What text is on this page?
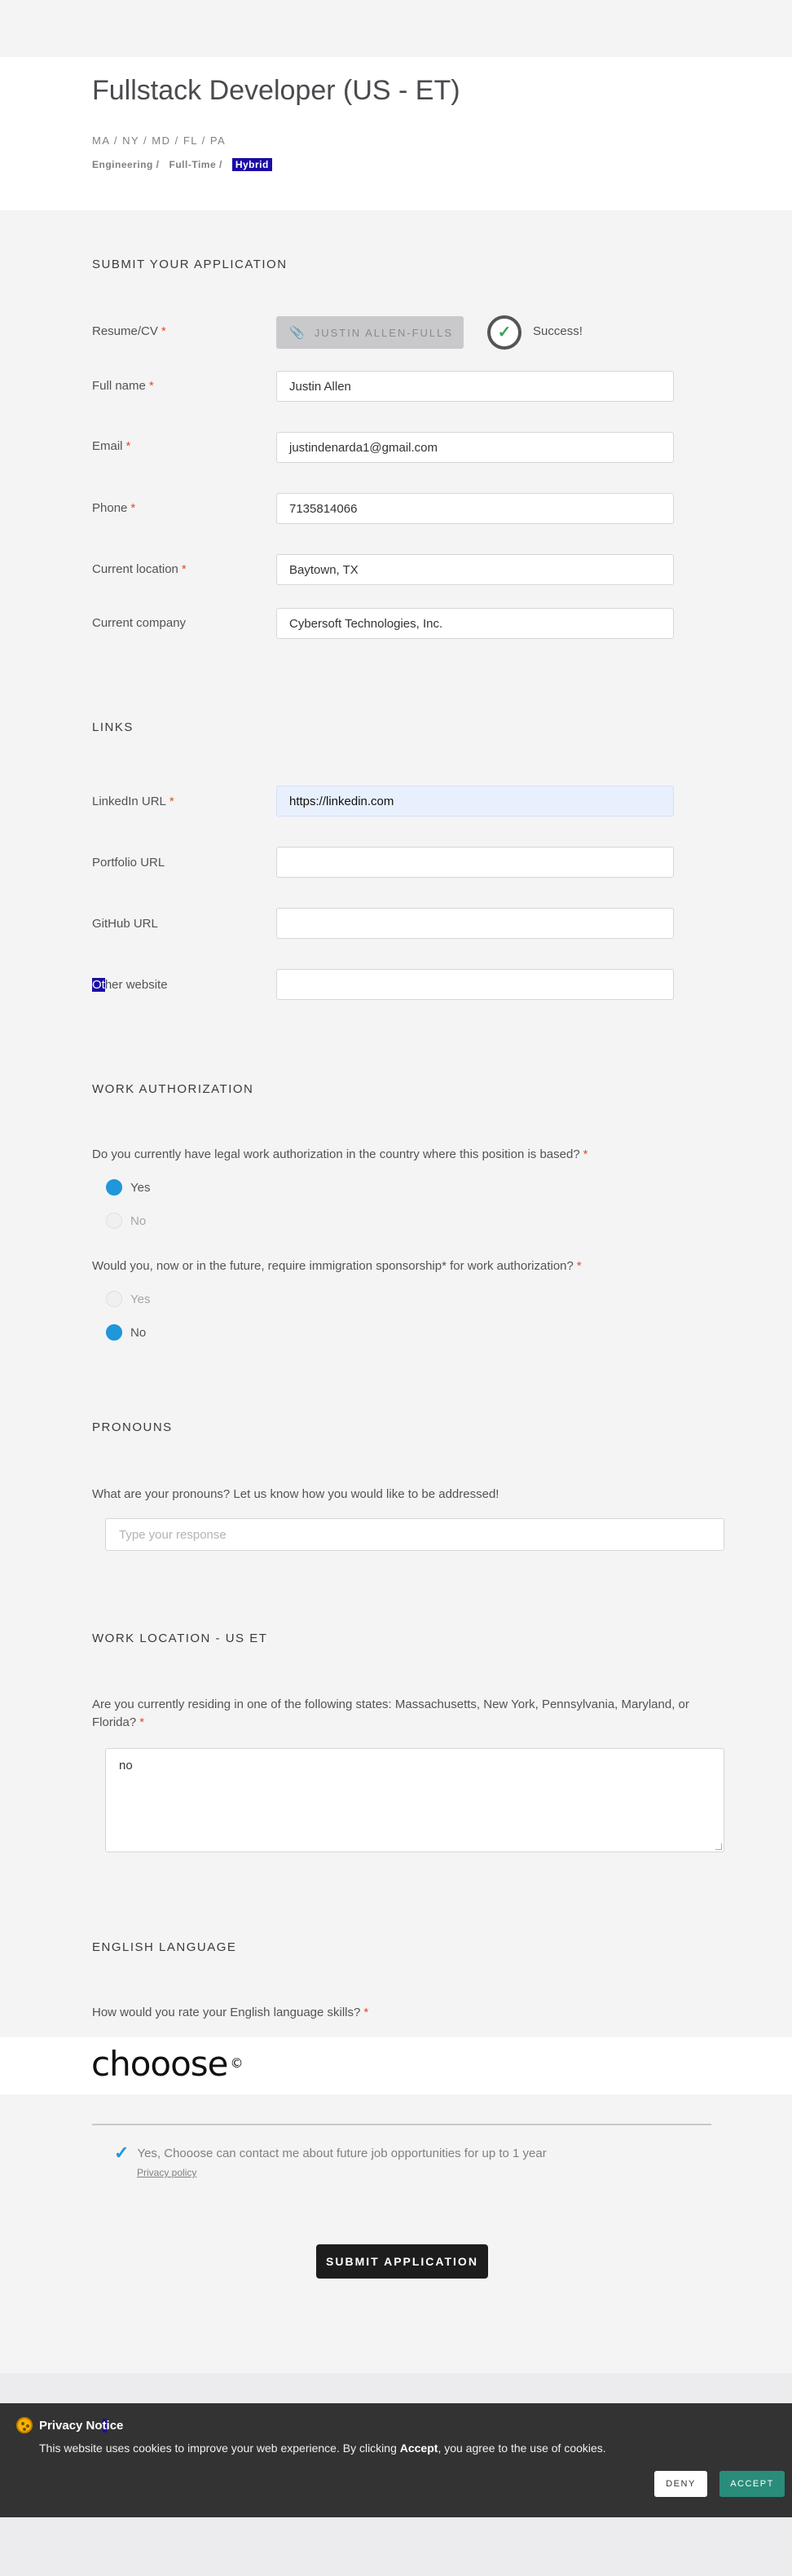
Fullstack Developer (US - ET)
MA / NY / MD / FL / PA
Engineering / Full-Time /	Hybrid
SUBMIT YOUR APPLICATION
Resume/CV *	📎 JUSTIN ALLEN-FULLS	✓ Success!
Full name *	Justin Allen
Email *	justindenarda1@gmail.com
Phone *	7135814066
Current location *	Baytown, TX
Current company	Cybersoft Technologies, Inc.
LINKS
LinkedIn URL *	https://linkedin.com
Portfolio URL
GitHub URL
Other website
WORK AUTHORIZATION
Do you currently have legal work authorization in the country where this position is based? *
Yes
No
Would you, now or in the future, require immigration sponsorship* for work authorization? *
Yes
No
PRONOUNS
What are your pronouns? Let us know how you would like to be addressed!
Type your response
WORK LOCATION - US ET
Are you currently residing in one of the following states: Massachusetts, New York, Pennsylvania, Maryland, or Florida? *
no
ENGLISH LANGUAGE
How would you rate your English language skills? *
chooose ©
✓ Yes, Chooose can contact me about future job opportunities for up to 1 year
Privacy policy
SUBMIT APPLICATION
Privacy No t ice
This website uses cookies to improve your web experience. By clicking Accept, you agree to the use of cookies.
DENY	ACCEPT
